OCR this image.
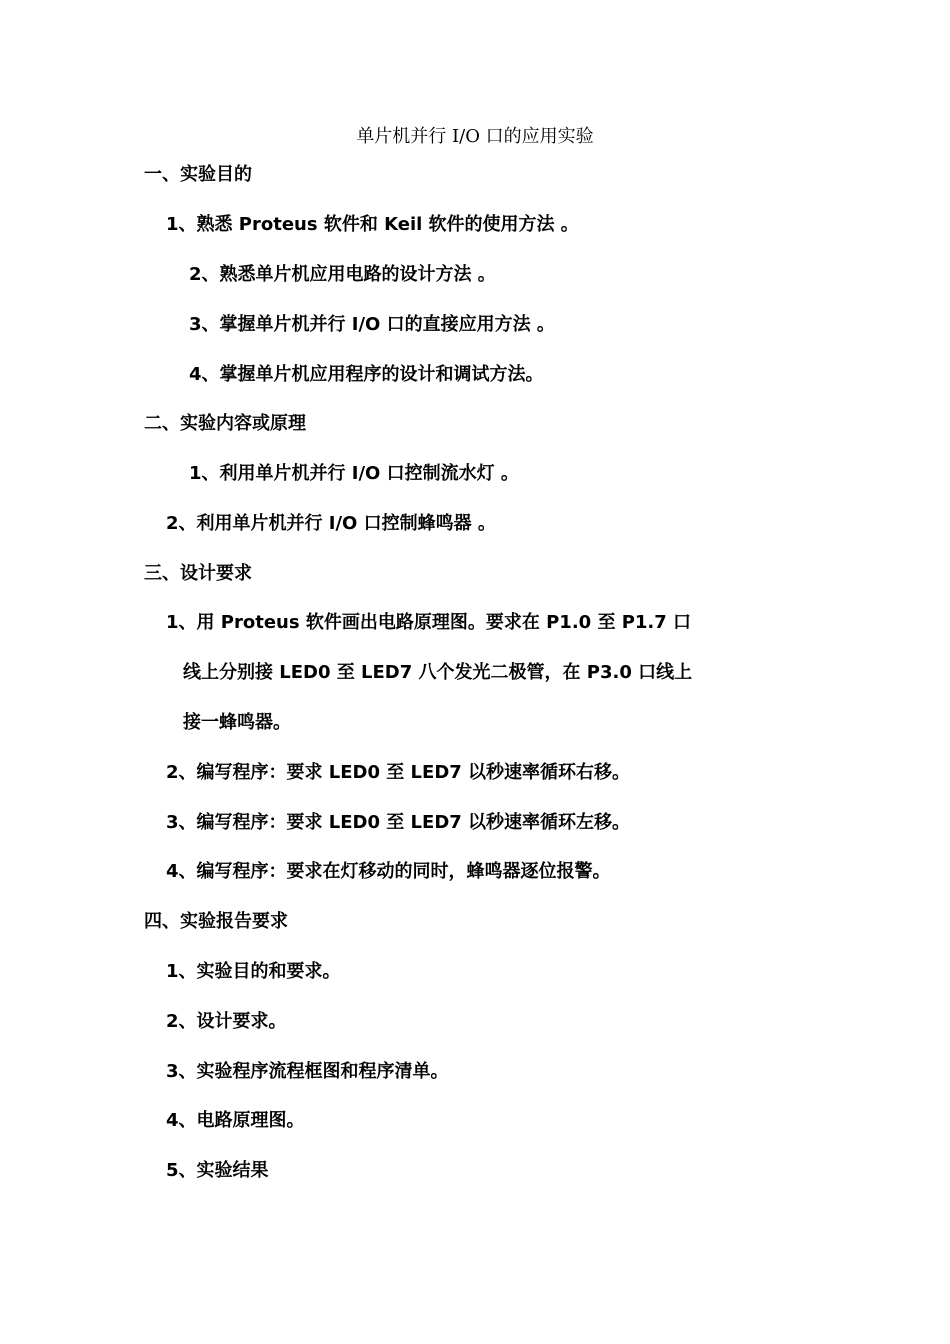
单片机并行 I/O 口的应用实验
一、实验目的
1、熟悉 Proteus 软件和 Keil 软件的使用方法 。
2、熟悉单片机应用电路的设计方法 。
3、掌握单片机并行 I/O 口的直接应用方法 。
4、掌握单片机应用程序的设计和调试方法。
二、实验内容或原理
1、利用单片机并行 I/O 口控制流水灯 。
2、利用单片机并行 I/O 口控制蜂鸣器 。
三、设计要求
1、用 Proteus 软件画出电路原理图。要求在 P1.0 至 P1.7 口
线上分别接 LED0 至 LED7 八个发光二极管，在 P3.0 口线上
接一蜂鸣器。
2、编写程序：要求 LED0 至 LED7 以秒速率循环右移。
3、编写程序：要求 LED0 至 LED7 以秒速率循环左移。
4、编写程序：要求在灯移动的同时，蜂鸣器逐位报警。
四、实验报告要求
1、实验目的和要求。
2、设计要求。
3、实验程序流程框图和程序清单。
4、电路原理图。
5、实验结果
